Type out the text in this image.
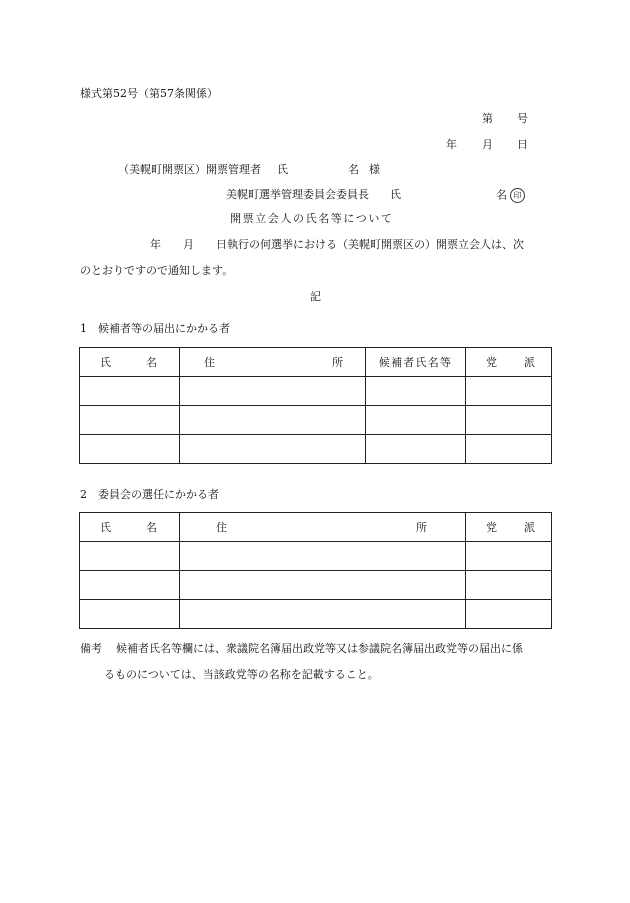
様式第52号（第57条関係）
第 号
年 月 日
（美幌町開票区）開票管理者 氏	名 様
美幌町選挙管理委員会委員長 氏	名 印
開票立会人の氏名等について
年　　月　　日執行の何選挙における（美幌町開票区の）開票立会人は、次
のとおりですので通知します。
記
1　候補者等の届出にかかる者
氏 名	住 所	候補者氏名等	党 派

2　委員会の選任にかかる者
氏 名	住 所	党 派

備考 候補者氏名等欄には、衆議院名簿届出政党等又は参議院名簿届出政党等の届出に係
るものについては、当該政党等の名称を記載すること。
